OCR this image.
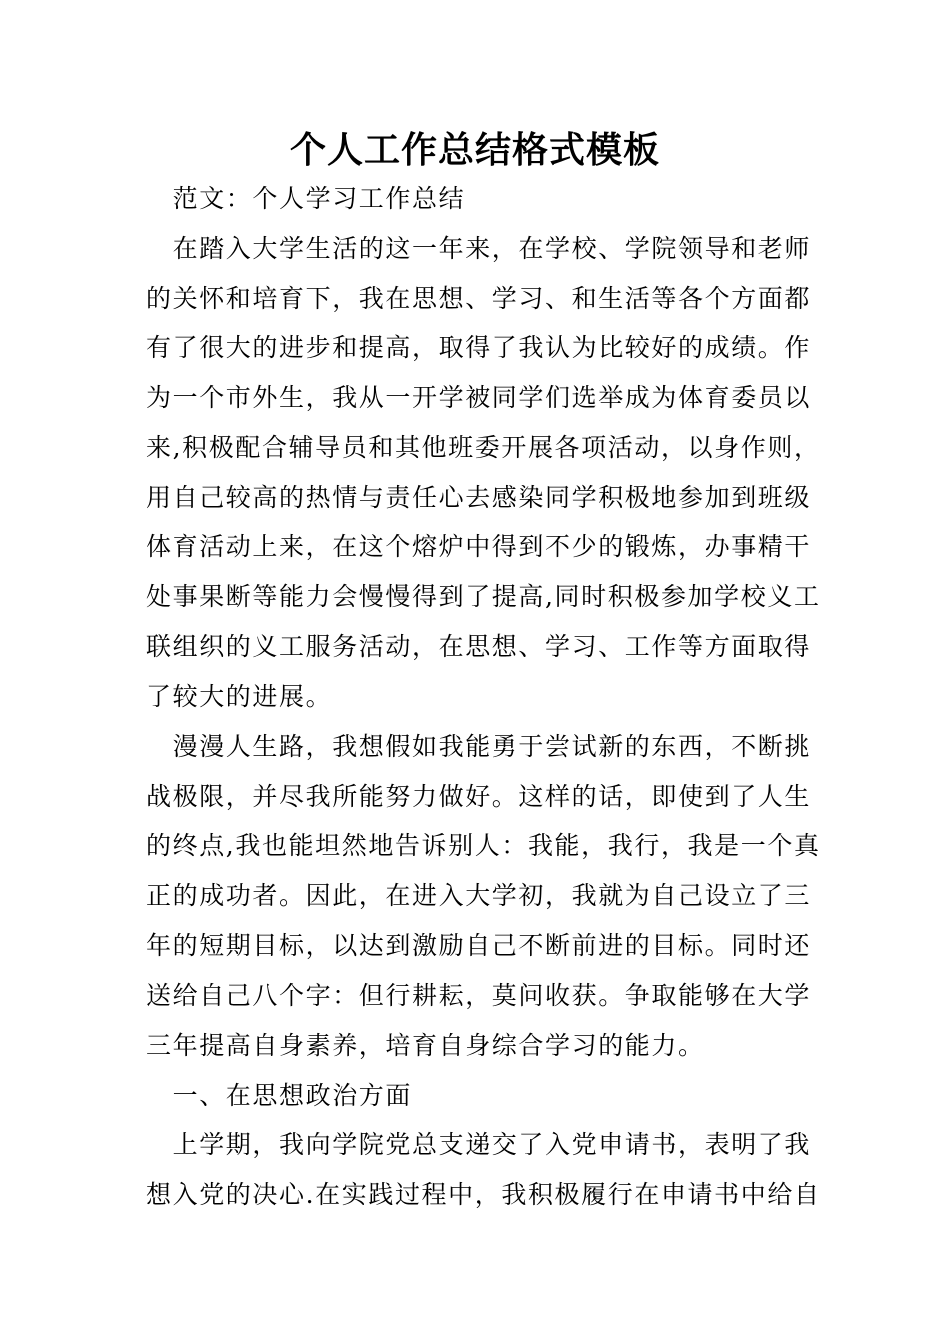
个人工作总结格式模板
　范文：个人学习工作总结
　在踏入大学生活的这一年来，在学校、学院领导和老师
的关怀和培育下，我在思想、学习、和生活等各个方面都
有了很大的进步和提高，取得了我认为比较好的成绩。作
为一个市外生，我从一开学被同学们选举成为体育委员以
来,积极配合辅导员和其他班委开展各项活动，以身作则，
用自己较高的热情与责任心去感染同学积极地参加到班级
体育活动上来，在这个熔炉中得到不少的锻炼，办事精干
处事果断等能力会慢慢得到了提高,同时积极参加学校义工
联组织的义工服务活动，在思想、学习、工作等方面取得
了较大的进展。
　漫漫人生路，我想假如我能勇于尝试新的东西，不断挑
战极限，并尽我所能努力做好。这样的话，即使到了人生
的终点,我也能坦然地告诉别人：我能，我行，我是一个真
正的成功者。因此，在进入大学初，我就为自己设立了三
年的短期目标，以达到激励自己不断前进的目标。同时还
送给自己八个字：但行耕耘，莫问收获。争取能够在大学
三年提高自身素养，培育自身综合学习的能力。
　一、在思想政治方面
　上学期，我向学院党总支递交了入党申请书，表明了我
想入党的决心.在实践过程中，我积极履行在申请书中给自
